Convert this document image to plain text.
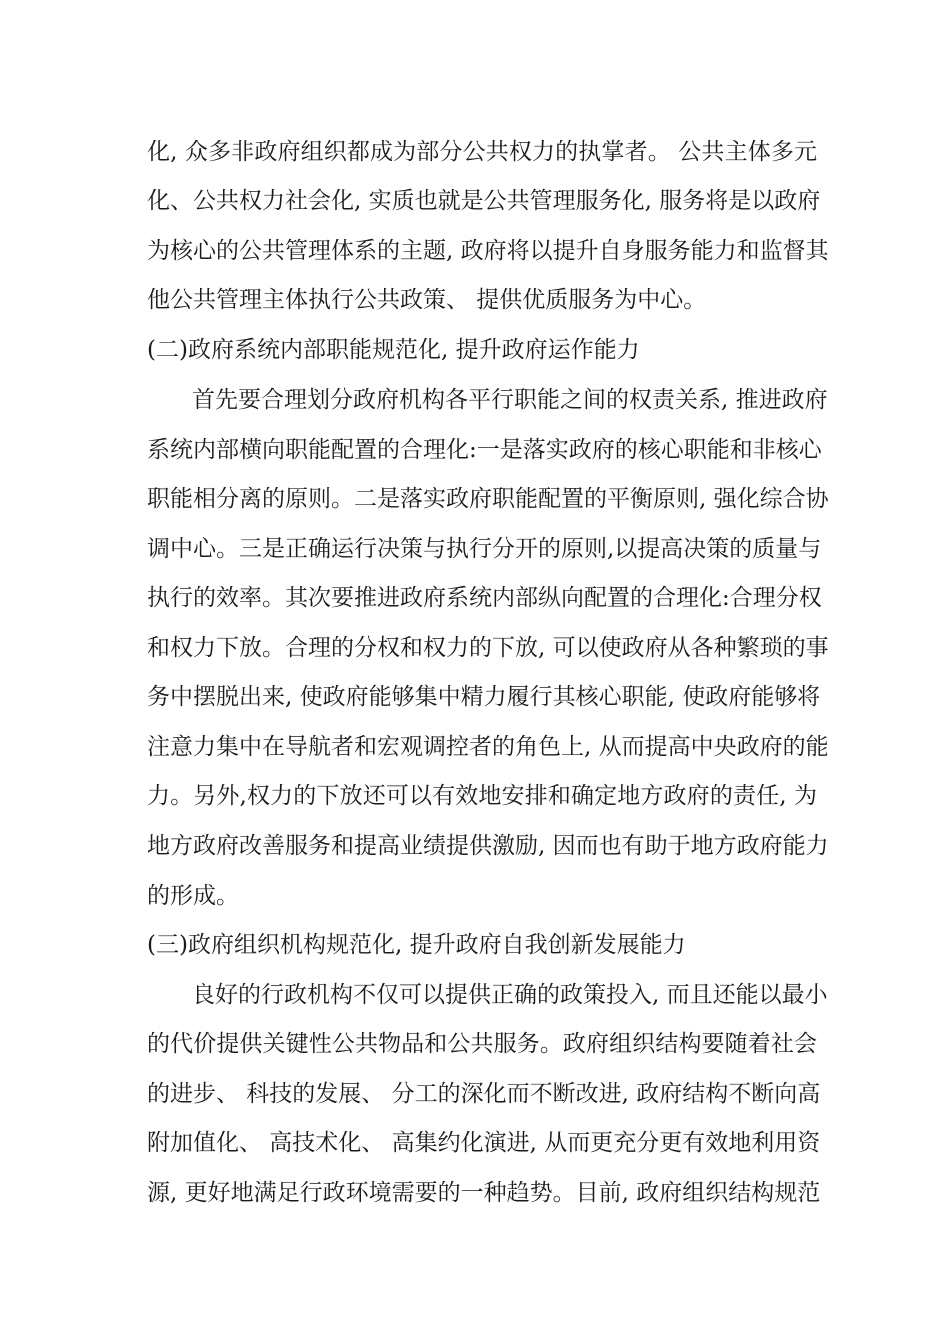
化, 众多非政府组织都成为部分公共权力的执掌者。 公共主体多元
化、公共权力社会化, 实质也就是公共管理服务化, 服务将是以政府
为核心的公共管理体系的主题, 政府将以提升自身服务能力和监督其
他公共管理主体执行公共政策、 提供优质服务为中心。
(二)政府系统内部职能规范化, 提升政府运作能力
首先要合理划分政府机构各平行职能之间的权责关系, 推进政府
系统内部横向职能配置的合理化:一是落实政府的核心职能和非核心
职能相分离的原则。二是落实政府职能配置的平衡原则, 强化综合协
调中心。三是正确运行决策与执行分开的原则,以提高决策的质量与
执行的效率。其次要推进政府系统内部纵向配置的合理化:合理分权
和权力下放。合理的分权和权力的下放, 可以使政府从各种繁琐的事
务中摆脱出来, 使政府能够集中精力履行其核心职能, 使政府能够将
注意力集中在导航者和宏观调控者的角色上, 从而提高中央政府的能
力。另外,权力的下放还可以有效地安排和确定地方政府的责任, 为
地方政府改善服务和提高业绩提供激励, 因而也有助于地方政府能力
的形成。
(三)政府组织机构规范化, 提升政府自我创新发展能力
良好的行政机构不仅可以提供正确的政策投入, 而且还能以最小
的代价提供关键性公共物品和公共服务。政府组织结构要随着社会
的进步、 科技的发展、 分工的深化而不断改进, 政府结构不断向高
附加值化、 高技术化、 高集约化演进, 从而更充分更有效地利用资
源, 更好地满足行政环境需要的一种趋势。目前, 政府组织结构规范
